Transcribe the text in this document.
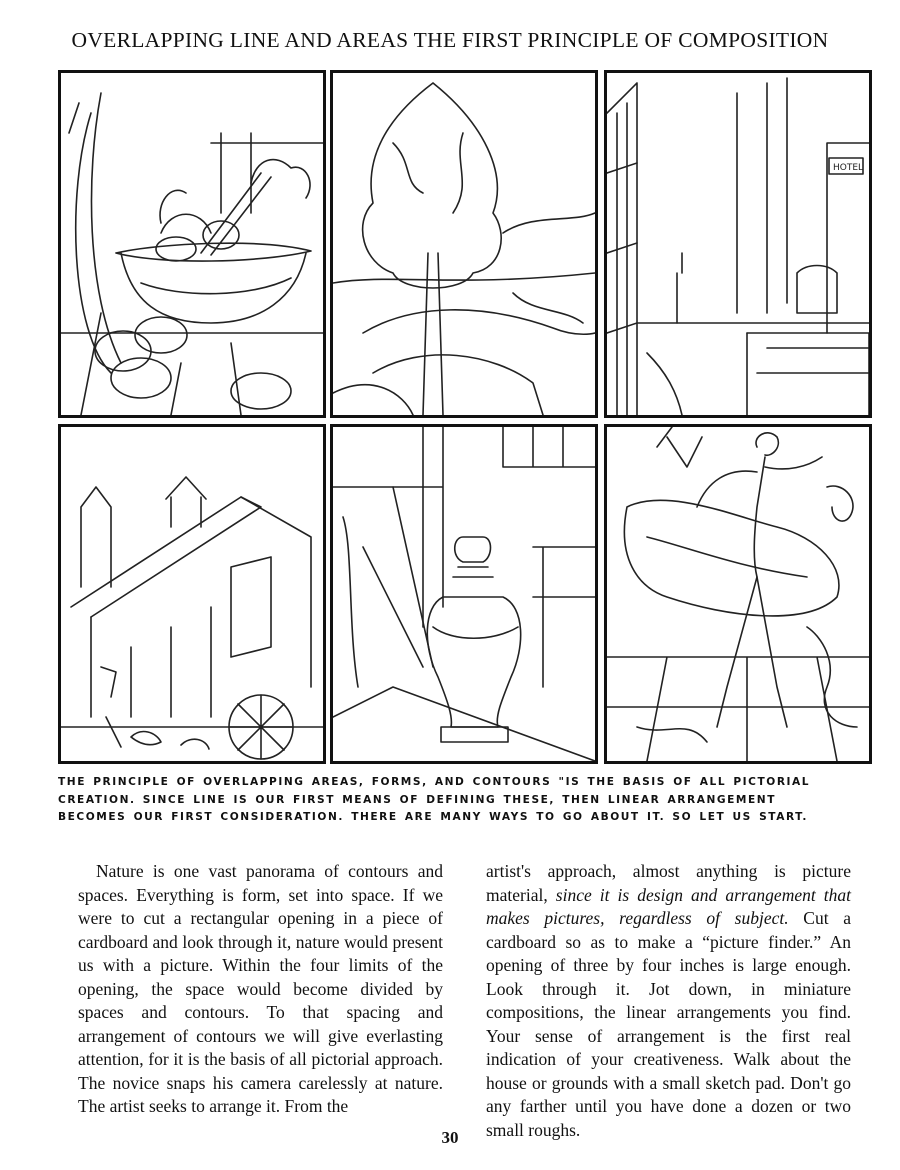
OVERLAPPING LINE AND AREAS THE FIRST PRINCIPLE OF COMPOSITION
HOTEL
THE PRINCIPLE OF OVERLAPPING AREAS, FORMS, AND CONTOURS "IS THE BASIS OF ALL PICTORIAL
CREATION. SINCE LINE IS OUR FIRST MEANS OF DEFINING THESE, THEN LINEAR ARRANGEMENT
BECOMES OUR FIRST CONSIDERATION. THERE ARE MANY WAYS TO GO ABOUT IT. SO LET US START.

Nature is one vast panorama of contours and spaces. Everything is form, set into space. If we were to cut a rectangular opening in a piece of cardboard and look through it, nature would present us with a picture. Within the four limits of the opening, the space would become divided by spaces and contours. To that spacing and arrangement of contours we will give everlasting attention, for it is the basis of all pictorial approach. The novice snaps his camera carelessly at nature. The artist seeks to arrange it. From the

artist's approach, almost anything is picture material, since it is design and arrangement that makes pictures, regardless of subject. Cut a cardboard so as to make a “picture finder.” An opening of three by four inches is large enough. Look through it. Jot down, in miniature compositions, the linear arrangements you find. Your sense of arrangement is the first real indication of your creativeness. Walk about the house or grounds with a small sketch pad. Don't go any farther until you have done a dozen or two small roughs.

30
